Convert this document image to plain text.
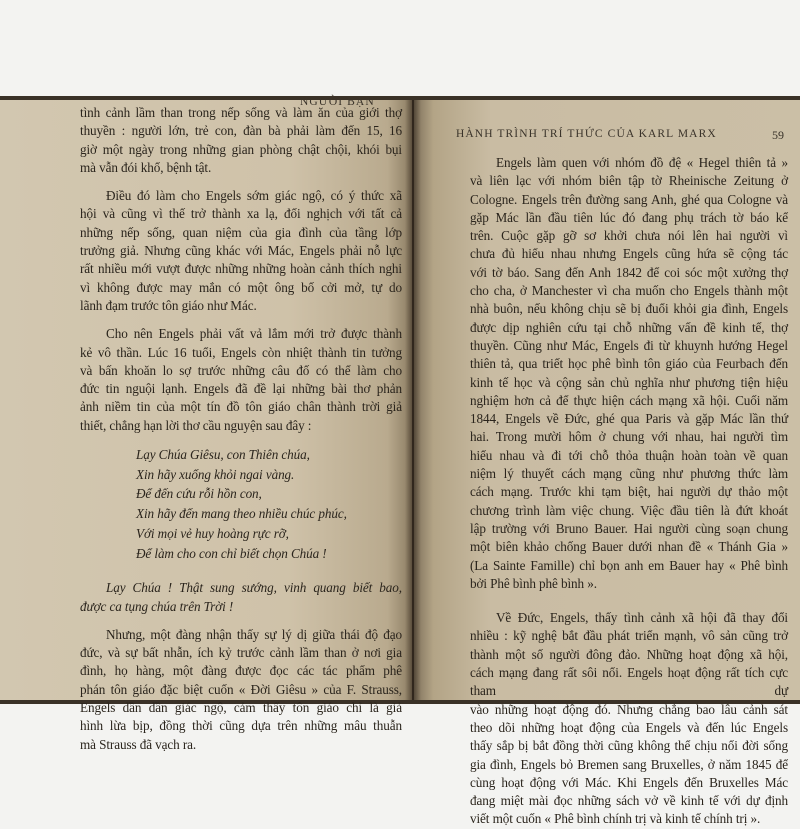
NGƯỜI BẠN

tình cảnh lầm than trong nếp sống và làm ăn của giới thợ

thuyền : người lớn, trẻ con, đàn bà phải làm đến 15, 16

giờ một ngày trong những gian phòng chật chội, khói bụi

mà vẫn đói khổ, bệnh tật.

Điều đó làm cho Engels sớm giác ngộ, có ý thức xã

hội và cũng vì thế trở thành xa lạ, đối nghịch với tất cả

những nếp sống, quan niệm của gia đình của tầng lớp

trưởng giả. Nhưng cũng khác với Mác, Engels phải nỗ lực

rất nhiều mới vượt được những những hoàn cảnh thích nghi

vì không được may mắn có một ông bố cởi mở, tự do

lãnh đạm trước tôn giáo như Mác.

Cho nên Engels phải vất vả lắm mới trở được thành

kẻ vô thần. Lúc 16 tuổi, Engels còn nhiệt thành tin tưởng

và bấn khoăn lo sợ trước những câu đố có thể làm cho

đức tin nguội lạnh. Engels đã đề lại những bài thơ phản

ảnh niềm tin của một tín đồ tôn giáo chân thành trời giả

thiết, chẳng hạn lời thơ cầu nguyện sau đây :

Lạy Chúa Giêsu, con Thiên chúa,

Xin hãy xuống khỏi ngai vàng.

Để đến cứu rỗi hồn con,

Xin hãy đến mang theo nhiều chúc phúc,

Với mọi vẻ huy hoàng rực rỡ,

Để làm cho con chỉ biết chọn Chúa !

Lạy Chúa ! Thật sung sướng, vinh quang biết bao,

được ca tụng chúa trên Trời !

Nhưng, một đàng nhận thấy sự lý dị giữa thái độ đạo

đức, và sự bất nhẫn, ích kỷ trước cảnh lầm than ở nơi gia

đình, họ hàng, một đàng được đọc các tác phẩm phê

phán tôn giáo đặc biệt cuốn « Đời Giêsu » của F. Strauss,

Engels dần dần giác ngộ, cảm thấy tôn giáo chỉ là giả

hình lừa bịp, đồng thời cũng dựa trên những mâu thuẫn

mà Strauss đã vạch ra.

HÀNH TRÌNH TRÍ THỨC CỦA KARL MARX	59

Engels làm quen với nhóm đồ đệ « Hegel thiên tả »

và liên lạc với nhóm biên tập tờ Rheinische Zeitung ở

Cologne. Engels trên đường sang Anh, ghé qua Cologne và

gặp Mác lần đầu tiên lúc đó đang phụ trách tờ báo kể

trên. Cuộc gặp gỡ sơ khởi chưa nói lên hai người vì

chưa đủ hiểu nhau nhưng Engels cũng hứa sẽ cộng tác

với tờ báo. Sang đến Anh 1842 để coi sóc một xưởng thợ

cho cha, ở Manchester vì cha muốn cho Engels thành một

nhà buôn, nếu không chịu sẽ bị đuổi khỏi gia đình, Engels

được dịp nghiên cứu tại chỗ những vấn đề kinh tế, thợ

thuyền. Cũng như Mác, Engels đi từ khuynh hướng Hegel

thiên tả, qua triết học phê bình tôn giáo của Feurbach đến

kinh tế học và cộng sản chủ nghĩa như phương tiện hiệu

nghiệm hơn cả để thực hiện cách mạng xã hội. Cuối năm

1844, Engels về Đức, ghé qua Paris và gặp Mác lần thứ

hai. Trong mười hôm ở chung với nhau, hai người tìm

hiểu nhau và đi tới chỗ thỏa thuận hoàn toàn về quan

niệm lý thuyết cách mạng cũng như phương thức làm

cách mạng. Trước khi tạm biệt, hai người dự thảo một

chương trình làm việc chung. Việc đầu tiên là đứt khoát

lập trường với Bruno Bauer. Hai người cùng soạn chung

một biên khảo chống Bauer dưới nhan đề « Thánh Gia »

(La Sainte Famille) chỉ bọn anh em Bauer hay « Phê bình

bởi Phê bình phê bình ».

Về Đức, Engels, thấy tình cảnh xã hội đã thay đổi

nhiều : kỹ nghệ bắt đầu phát triển mạnh, vô sản cũng trở

thành một số người đông đảo. Những hoạt động xã hội,

cách mạng đang rất sôi nổi. Engels hoạt động rất tích cực tham dự

vào những hoạt động đó. Nhưng chẳng bao lâu cảnh sát

theo dõi những hoạt động của Engels và đến lúc Engels

thấy sắp bị bắt đồng thời cũng không thể chịu nổi đời sống

gia đình, Engels bỏ Bremen sang Bruxelles, ở năm 1845 để

cùng hoạt động với Mác. Khi Engels đến Bruxelles Mác

đang miệt mài đọc những sách vở về kinh tế với dự định

viết một cuốn « Phê bình chính trị và kinh tế chính trị ».
